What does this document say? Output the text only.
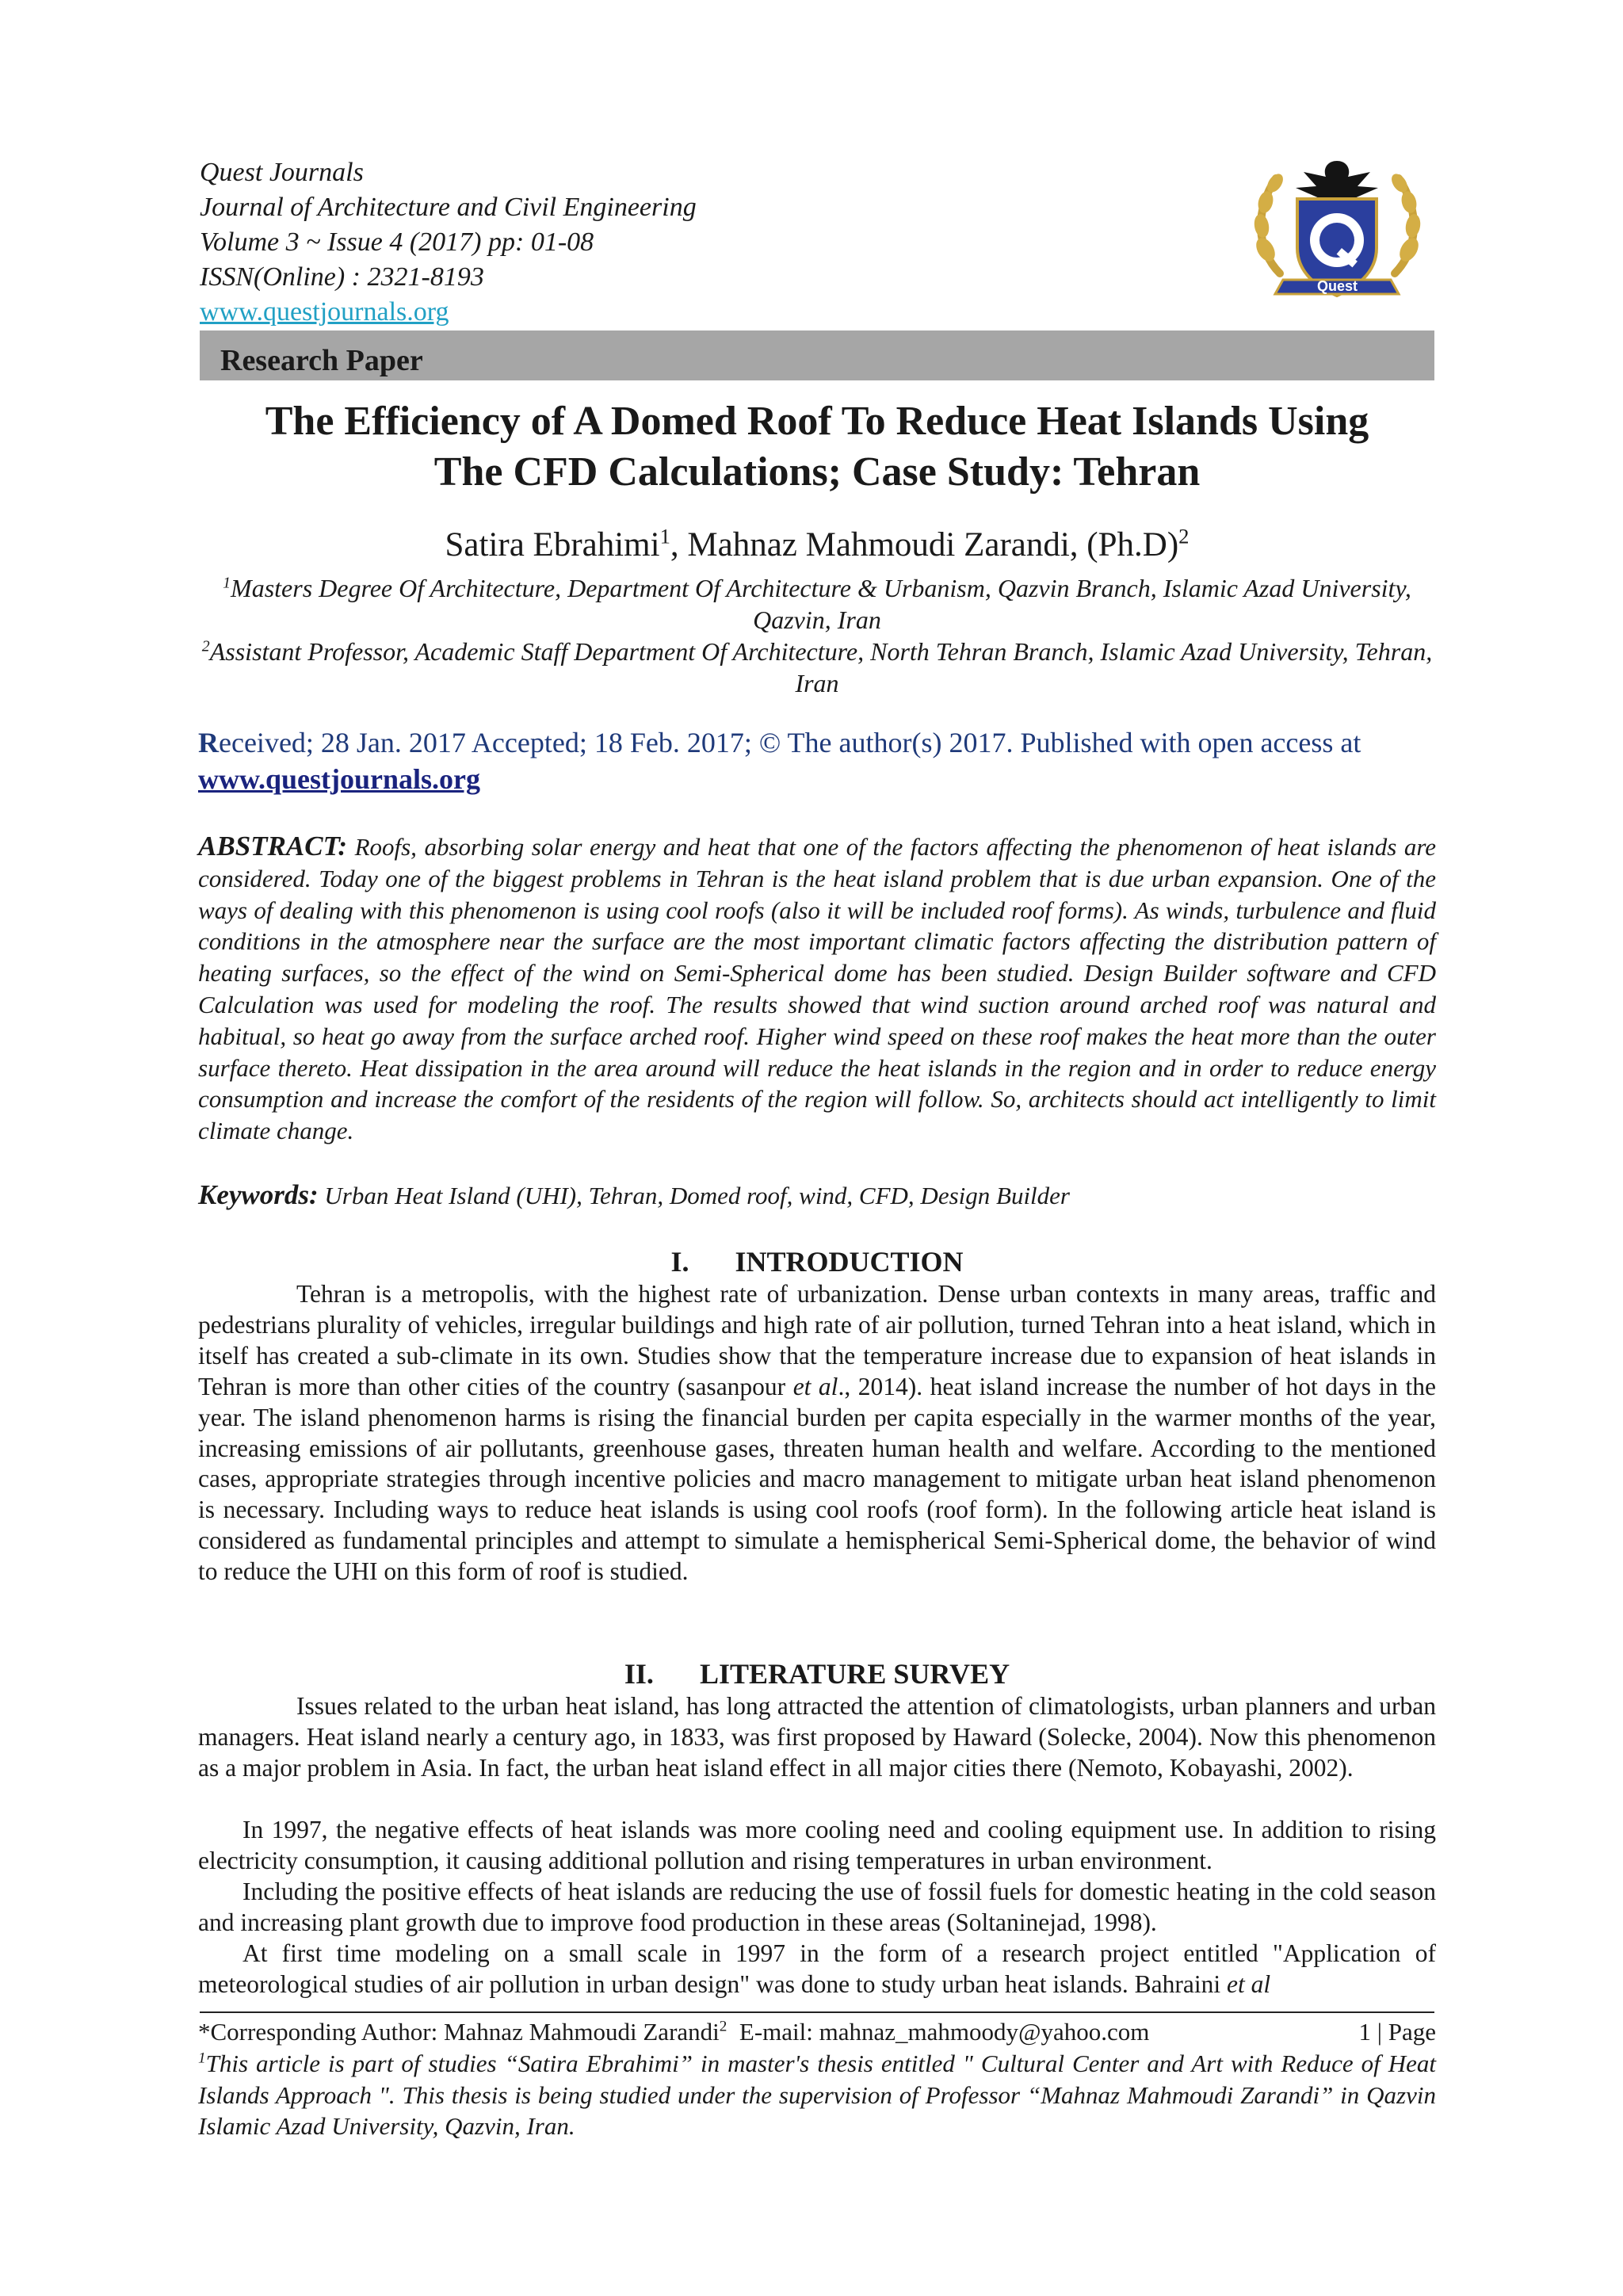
Quest Journals
Journal of Architecture and Civil Engineering
Volume 3 ~ Issue 4 (2017) pp: 01-08
ISSN(Online) : 2321-8193
www.questjournals.org
Quest
Research Paper
The Efficiency of A Domed Roof To Reduce Heat Islands Using
The CFD Calculations; Case Study: Tehran
Satira Ebrahimi$^1$, Mahnaz Mahmoudi Zarandi, $(Ph.D)^2$
$^1$Masters Degree Of Architecture, Department Of Architecture & Urbanism, Qazvin Branch, Islamic Azad University, Qazvin, Iran
$^2$Assistant Professor, Academic Staff Department Of Architecture, North Tehran Branch, Islamic Azad University, Tehran, Iran
Received; 28 Jan. 2017 Accepted; 18 Feb. 2017; © The author(s) 2017. Published with open access at
www.questjournals.org
ABSTRACT: Roofs, absorbing solar energy and heat that one of the factors affecting the phenomenon of heat islands are considered. Today one of the biggest problems in Tehran is the heat island problem that is due urban expansion. One of the ways of dealing with this phenomenon is using cool roofs (also it will be included roof forms). As winds, turbulence and fluid conditions in the atmosphere near the surface are the most important climatic factors affecting the distribution pattern of heating surfaces, so the effect of the wind on Semi-Spherical dome has been studied. Design Builder software and CFD Calculation was used for modeling the roof. The results showed that wind suction around arched roof was natural and habitual, so heat go away from the surface arched roof. Higher wind speed on these roof makes the heat more than the outer surface thereto. Heat dissipation in the area around will reduce the heat islands in the region and in order to reduce energy consumption and increase the comfort of the residents of the region will follow. So, architects should act intelligently to limit climate change.
Keywords: Urban Heat Island (UHI), Tehran, Domed roof, wind, CFD, Design Builder
I. INTRODUCTION
Tehran is a metropolis, with the highest rate of urbanization. Dense urban contexts in many areas, traffic and pedestrians plurality of vehicles, irregular buildings and high rate of air pollution, turned Tehran into a heat island, which in itself has created a sub-climate in its own. Studies show that the temperature increase due to expansion of heat islands in Tehran is more than other cities of the country (sasanpour et al., 2014). heat island increase the number of hot days in the year. The island phenomenon harms is rising the financial burden per capita especially in the warmer months of the year, increasing emissions of air pollutants, greenhouse gases, threaten human health and welfare. According to the mentioned cases, appropriate strategies through incentive policies and macro management to mitigate urban heat island phenomenon is necessary. Including ways to reduce heat islands is using cool roofs (roof form). In the following article heat island is considered as fundamental principles and attempt to simulate a hemispherical Semi-Spherical dome, the behavior of wind to reduce the UHI on this form of roof is studied.
II. LITERATURE SURVEY
Issues related to the urban heat island, has long attracted the attention of climatologists, urban planners and urban managers. Heat island nearly a century ago, in 1833, was first proposed by Haward (Solecke, 2004). Now this phenomenon as a major problem in Asia. In fact, the urban heat island effect in all major cities there (Nemoto, Kobayashi, 2002).
In 1997, the negative effects of heat islands was more cooling need and cooling equipment use. In addition to rising electricity consumption, it causing additional pollution and rising temperatures in urban environment.
Including the positive effects of heat islands are reducing the use of fossil fuels for domestic heating in the cold season and increasing plant growth due to improve food production in these areas (Soltaninejad, 1998).
At first time modeling on a small scale in 1997 in the form of a research project entitled "Application of meteorological studies of air pollution in urban design" was done to study urban heat islands. Bahraini et al
*Corresponding Author: Mahnaz Mahmoudi Zarandi$^2$  E-mail: mahnaz_mahmoody@yahoo.com	1 | Page
$^1$This article is part of studies “Satira Ebrahimi” in master's thesis entitled " Cultural Center and Art with Reduce of Heat Islands Approach ". This thesis is being studied under the supervision of Professor “Mahnaz Mahmoudi Zarandi” in Qazvin Islamic Azad University, Qazvin, Iran.
